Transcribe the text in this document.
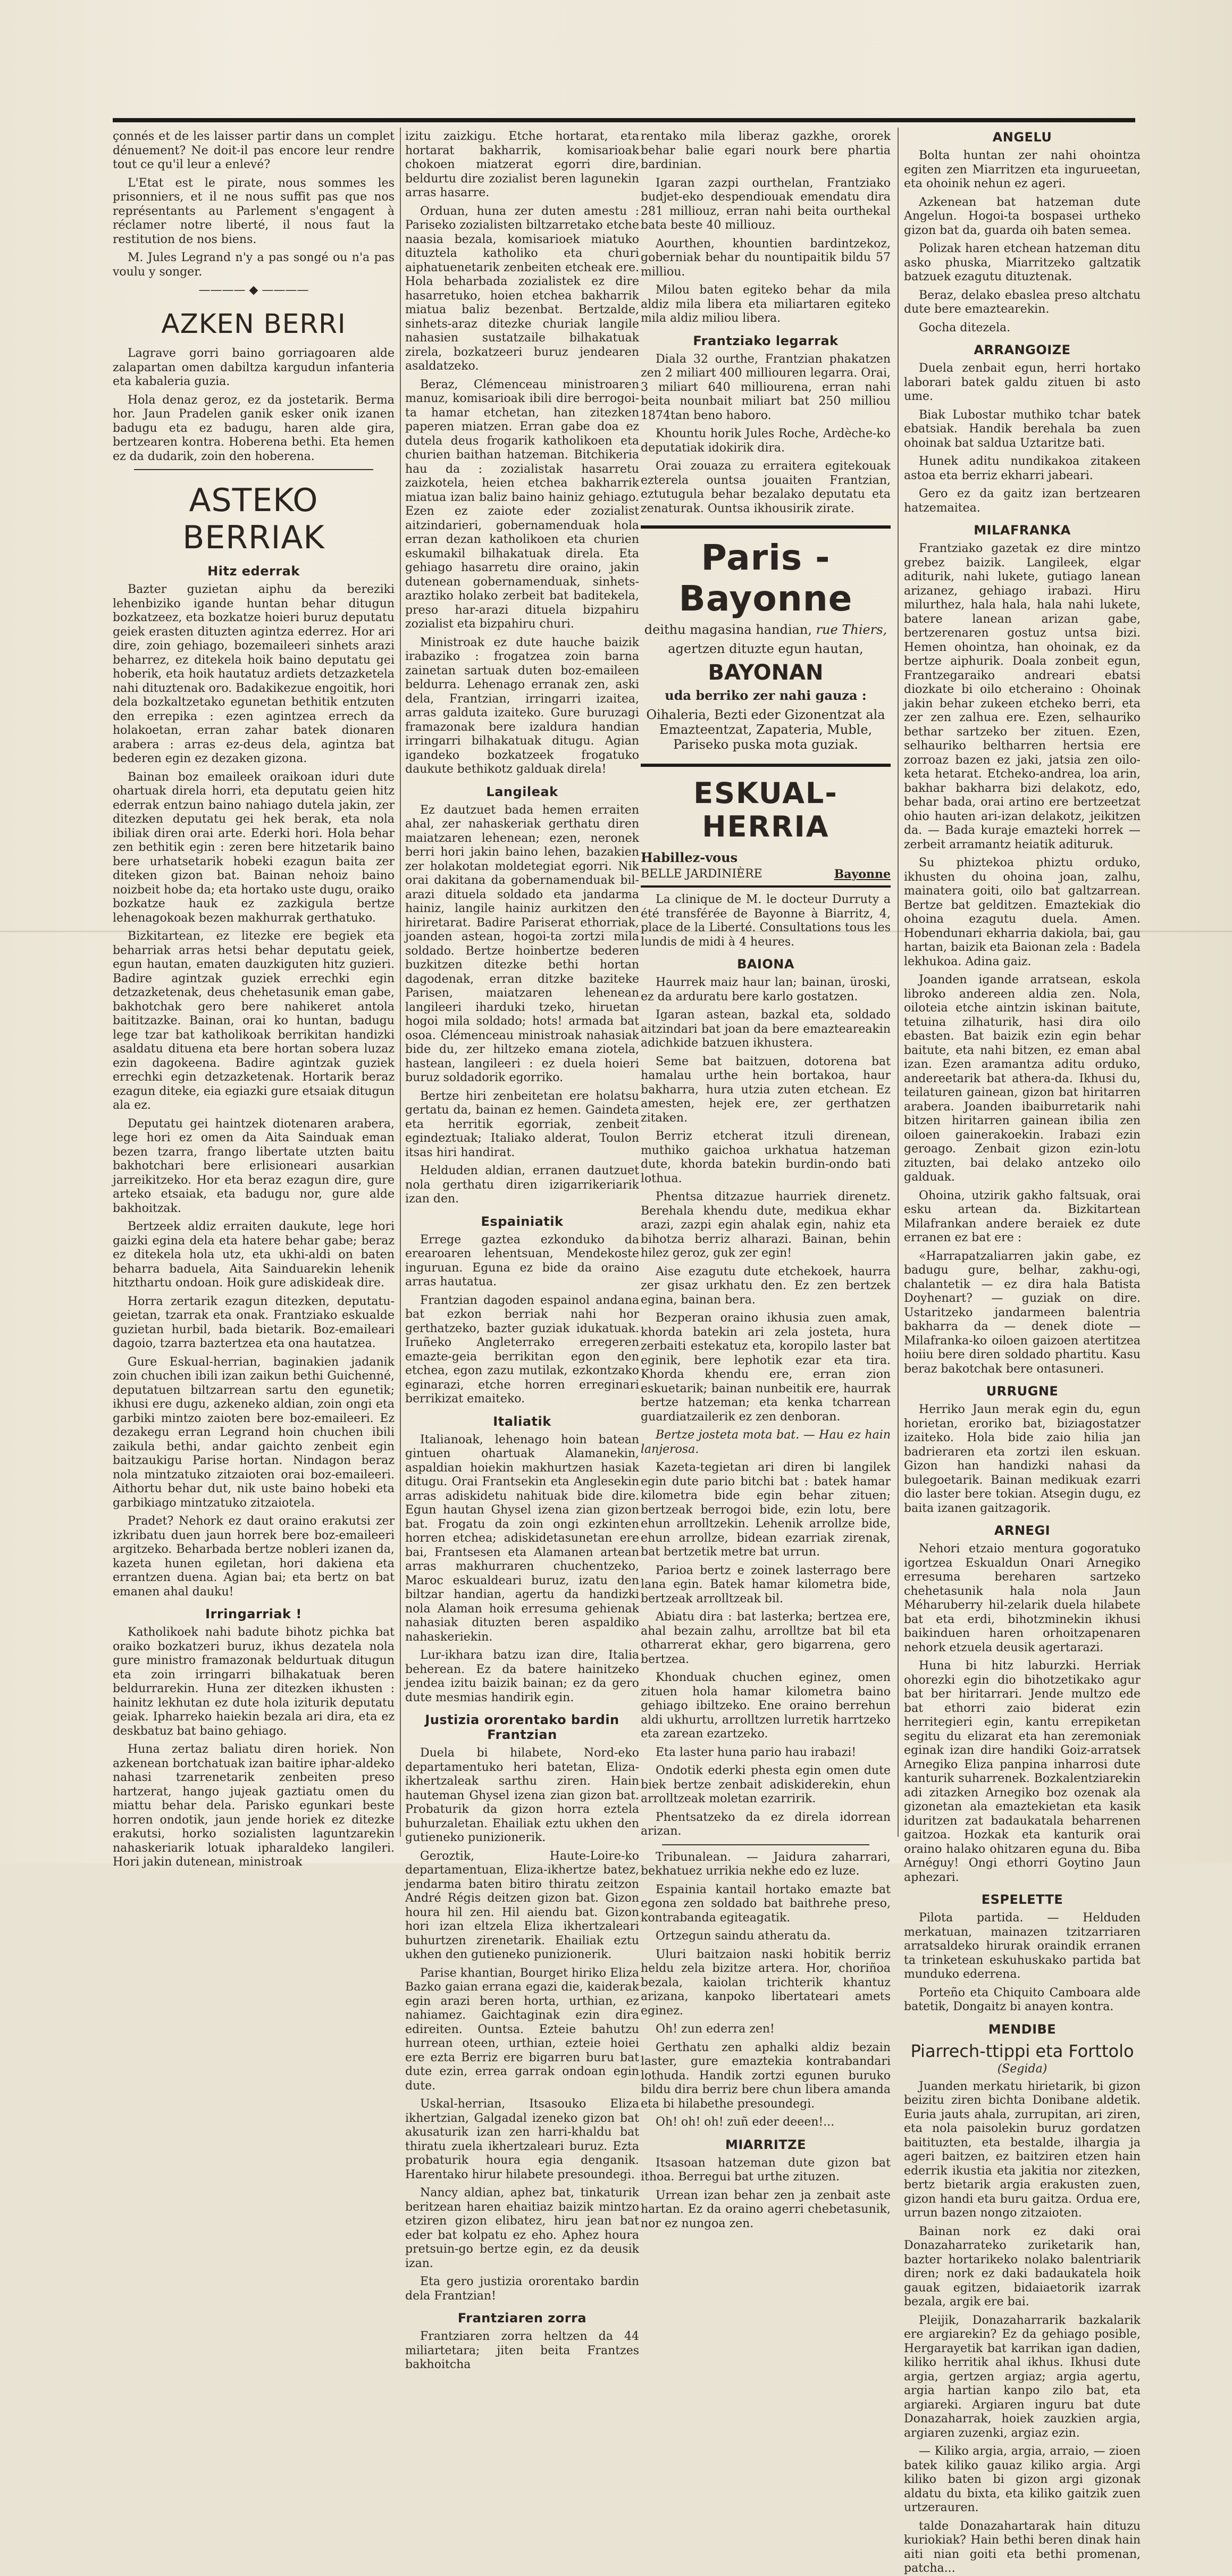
çonnés et de les laisser partir dans un complet dénuement? Ne doit-il pas encore leur rendre tout ce qu'il leur a enlevé?

L'Etat est le pirate, nous sommes les prisonniers, et il ne nous suffit pas que nos représentants au Parlement s'engagent à réclamer notre liberté, il nous faut la restitution de nos biens.

M. Jules Legrand n'y a pas songé ou n'a pas voulu y songer.

———— ◆ ————
AZKEN BERRI

Lagrave gorri baino gorriagoaren alde zalapartan omen dabiltza kargudun infanteria eta kabaleria guzia.

Hola denaz geroz, ez da jostetarik. Berma hor. Jaun Pradelen ganik esker onik izanen badugu eta ez badugu, haren alde gira, bertzearen kontra. Hoberena bethi. Eta hemen ez da dudarik, zoin den hoberena.

ASTEKO BERRIAK
Hitz ederrak

Bazter guzietan aiphu da bereziki lehenbiziko igande huntan behar ditugun bozkatzeez, eta bozkatze hoieri buruz deputatu geiek erasten dituzten agintza ederrez. Hor ari dire, zoin gehiago, bozemaileeri sinhets arazi beharrez, ez ditekela hoik baino deputatu gei hoberik, eta hoik hautatuz ardiets detzazketela nahi dituztenak oro. Badakikezue engoitik, hori dela bozkaltzetako egunetan bethitik entzuten den errepika : ezen agintzea errech da holakoetan, erran zahar batek dionaren arabera : arras ez-deus dela, agintza bat bederen egin ez dezaken gizona.

Bainan boz emaileek oraikoan iduri dute ohartuak direla horri, eta deputatu geien hitz ederrak entzun baino nahiago dutela jakin, zer ditezken deputatu gei hek berak, eta nola ibiliak diren orai arte. Ederki hori. Hola behar zen bethitik egin : zeren bere hitzetarik baino bere urhatsetarik hobeki ezagun baita zer diteken gizon bat. Bainan nehoiz baino noizbeit hobe da; eta hortako uste dugu, oraiko bozkatze hauk ez zazkigula bertze lehenagokoak bezen makhurrak gerthatuko.

Bizkitartean, ez litezke ere begiek eta beharriak arras hetsi behar deputatu geiek, egun hautan, ematen dauzkiguten hitz guzieri. Badire agintzak guziek errechki egin detzazketenak, deus chehetasunik eman gabe, bakhotchak gero bere nahikeret antola baititzazke. Bainan, orai ko huntan, badugu lege tzar bat katholikoak berrikitan handizki asaldatu dituena eta bere hortan sobera luzaz ezin dagokeena. Badire agintzak guziek errechki egin detzazketenak. Hortarik beraz ezagun diteke, eia egiazki gure etsaiak ditugun ala ez.

Deputatu gei haintzek diotenaren arabera, lege hori ez omen da Aita Sainduak eman bezen tzarra, frango libertate utzten baitu bakhotchari bere erlisioneari ausarkian jarreikitzeko. Hor eta beraz ezagun dire, gure arteko etsaiak, eta badugu nor, gure alde bakhoitzak.

Bertzeek aldiz erraiten daukute, lege hori gaizki egina dela eta hatere behar gabe; beraz ez ditekela hola utz, eta ukhi-aldi on baten beharra baduela, Aita Sainduarekin lehenik hitzthartu ondoan. Hoik gure adiskideak dire.

Horra zertarik ezagun ditezken, deputatu-geietan, tzarrak eta onak. Frantziako eskualde guzietan hurbil, bada bietarik. Boz-emaileari dagoio, tzarra baztertzea eta ona hautatzea.

Gure Eskual-herrian, baginakien jadanik zoin chuchen ibili izan zaikun bethi Guichenné, deputatuen biltzarrean sartu den egunetik; ikhusi ere dugu, azkeneko aldian, zoin ongi eta garbiki mintzo zaioten bere boz-emaileeri. Ez dezakegu erran Legrand hoin chuchen ibili zaikula bethi, andar gaichto zenbeit egin baitzaukigu Parise hortan. Nindagon beraz nola mintzatuko zitzaioten orai boz-emaileeri. Aithortu behar dut, nik uste baino hobeki eta garbikiago mintzatuko zitzaiotela.

Pradet? Nehork ez daut oraino erakutsi zer izkribatu duen jaun horrek bere boz-emaileeri argitzeko. Beharbada bertze nobleri izanen da, kazeta hunen egiletan, hori dakiena eta errantzen duena. Agian bai; eta bertz on bat emanen ahal dauku!

Irringarriak !

Katholikoek nahi badute bihotz pichka bat oraiko bozkatzeri buruz, ikhus dezatela nola gure ministro framazonak beldurtuak ditugun eta zoin irringarri bilhakatuak beren beldurrarekin. Huna zer ditezken ikhusten : hainitz lekhutan ez dute hola iziturik deputatu geiak. Ipharreko haiekin bezala ari dira, eta ez deskbatuz bat baino gehiago.

Huna zertaz baliatu diren horiek. Non azkenean bortchatuak izan baitire iphar-aldeko nahasi tzarrenetarik zenbeiten preso hartzerat, hango jujeak gaztiatu omen du miattu behar dela. Parisko egunkari beste horren ondotik, jaun jende horiek ez ditezke erakutsi, horko sozialisten laguntzarekin nahaskeriarik lotuak ipharaldeko langileri. Hori jakin dutenean, ministroak

izitu zaizkigu. Etche hortarat, eta hortarat bakharrik, komisarioak chokoen miatzerat egorri dire, beldurtu dire zozialist beren lagunekin arras hasarre.

Orduan, huna zer duten amestu : Pariseko zozialisten biltzarretako etche naasia bezala, komisarioek miatuko dituztela katholiko eta churi aiphatuenetarik zenbeiten etcheak ere. Hola beharbada zozialistek ez dire hasarretuko, hoien etchea bakharrik miatua baliz bezenbat. Bertzalde, sinhets-araz ditezke churiak langile nahasien sustatzaile bilhakatuak zirela, bozkatzeeri buruz jendearen asaldatzeko.

Beraz, Clémenceau ministroaren manuz, komisarioak ibili dire berrogoi-ta hamar etchetan, han zitezken paperen miatzen. Erran gabe doa ez dutela deus frogarik katholikoen eta churien baithan hatzeman. Bitchikeria hau da : zozialistak hasarretu zaizkotela, heien etchea bakharrik miatua izan baliz baino hainiz gehiago. Ezen ez zaiote eder zozialist aitzindarieri, gobernamenduak hola erran dezan katholikoen eta churien eskumakil bilhakatuak direla. Eta gehiago hasarretu dire oraino, jakin dutenean gobernamenduak, sinhets-araztiko holako zerbeit bat baditekela, preso har-arazi dituela bizpahiru zozialist eta bizpahiru churi.

Ministroak ez dute hauche baizik irabaziko : frogatzea zoin barna zainetan sartuak duten boz-emaileen beldurra. Lehenago erranak zen, aski dela, Frantzian, irringarri izaitea, arras galduta izaiteko. Gure buruzagi framazonak bere izaldura handian irringarri bilhakatuak ditugu. Agian igandeko bozkatzeek frogatuko daukute bethikotz galduak direla!

Langileak

Ez dautzuet bada hemen erraiten ahal, zer nahaskeriak gerthatu diren maiatzaren lehenean; ezen, neronek berri hori jakin baino lehen, bazakien zer holakotan moldetegiat egorri. Nik orai dakitana da gobernamenduak bil-arazi dituela soldado eta jandarma hainiz, langile hainiz aurkitzen den hiriretarat. Badire Pariserat ethorriak, joanden astean, hogoi-ta zortzi mila soldado. Bertze hoinbertze bederen buzkitzen ditezke bethi hortan dagodenak, erran ditzke baziteke Parisen, maiatzaren lehenean langileeri iharduki tzeko, hiruetan hogoi mila soldado; hots! armada bat osoa. Clémenceau ministroak nahasiak bide du, zer hiltzeko emana ziotela, hastean, langileeri : ez duela hoieri buruz soldadorik egorriko.

Bertze hiri zenbeitetan ere holatsu gertatu da, bainan ez hemen. Gaindeta eta herritik egorriak, zenbeit egindeztuak; Italiako alderat, Toulon itsas hiri handirat.

Helduden aldian, erranen dautzuet nola gerthatu diren izigarrikeriarik izan den.

Espainiatik

Errege gaztea ezkonduko da erearoaren lehentsuan, Mendekoste inguruan. Eguna ez bide da oraino arras hautatua.

Frantzian dagoden espainol andana bat ezkon berriak nahi hor gerthatzeko, bazter guziak idukatuak. Iruñeko Angleterrako erregeren emazte-geia berrikitan egon den etchea, egon zazu mutilak, ezkontzako eginarazi, etche horren erreginari berrikizat emaiteko.

Italiatik

Italianoak, lehenago hoin batean gintuen ohartuak Alamanekin, aspaldian hoiekin makhurtzen hasiak ditugu. Orai Frantsekin eta Anglesekin arras adiskidetu nahituak bide dire. Egun hautan Ghysel izena zian gizon bat. Frogatu da zoin ongi ezkinten horren etchea; adiskidetasunetan ere bai, Frantsesen eta Alamanen artean arras makhurraren chuchentzeko, Maroc eskualdeari buruz, izatu den biltzar handian, agertu da handizki nola Alaman hoik erresuma gehienak nahasiak dituzten beren aspaldiko nahaskeriekin.

Lur-ikhara batzu izan dire, Italia beherean. Ez da batere hainitzeko jendea izitu baizik bainan; ez da gero dute mesmias handirik egin.

Justizia ororentako bardin Frantzian

Duela bi hilabete, Nord-eko departamentuko heri batetan, Eliza-ikhertzaleak sarthu ziren. Hain hauteman Ghysel izena zian gizon bat. Probaturik da gizon horra eztela buhurzaletan. Ehailiak eztu ukhen den gutieneko punizionerik.

Geroztik, Haute-Loire-ko departamentuan, Eliza-ikhertze batez, jendarma baten bitiro thiratu zeitzon André Régis deitzen gizon bat. Gizon houra hil zen. Hil aiendu bat. Gizon hori izan eltzela Eliza ikhertzaleari buhurtzen zirenetarik. Ehailiak eztu ukhen den gutieneko punizionerik.

Parise khantian, Bourget hiriko Eliza Bazko gaian errana egazi die, kaiderak egin arazi beren horta, urthian, ez nahiamez. Gaichtaginak ezin dira edireiten. Ountsa. Ezteie bahutzu hurrean oteen, urthian, ezteie hoiei ere ezta Berriz ere bigarren buru bat dute ezin, errea garrak ondoan egin dute.

Uskal-herrian, Itsasouko Eliza ikhertzian, Galgadal izeneko gizon bat akusaturik izan zen harri-khaldu bat thiratu zuela ikhertzaleari buruz. Ezta probaturik houra egia denganik. Harentako hirur hilabete presoundegi.

Nancy aldian, aphez bat, tinkaturik beritzean haren ehaitiaz baizik mintzo etziren gizon elibatez, hiru jean bat eder bat kolpatu ez eho. Aphez houra pretsuin-go bertze egin, ez da deusik izan.

Eta gero justizia ororentako bardin dela Frantzian!

Frantziaren zorra

Frantziaren zorra heltzen da 44 miliartetara; jiten beita Frantzes bakhoitcha

rentako mila liberaz gazkhe, ororek behar balie egari nourk bere phartia bardinian.

Igaran zazpi ourthelan, Frantziako budjet-eko despendiouak emendatu dira 281 milliouz, erran nahi beita ourthekal bata beste 40 milliouz.

Aourthen, khountien bardintzekoz, goberniak behar du nountipaitik bildu 57 milliou.

Milou baten egiteko behar da mila aldiz mila libera eta miliartaren egiteko mila aldiz miliou libera.

Frantziako legarrak

Diala 32 ourthe, Frantzian phakatzen zen 2 miliart 400 milliouren legarra. Orai, 3 miliart 640 milliourena, erran nahi beita nounbait miliart bat 250 milliou 1874tan beno haboro.

Khountu horik Jules Roche, Ardèche-ko deputatiak idokirik dira.

Orai zouaza zu erraitera egitekouak ezterela ountsa jouaiten Frantzian, eztutugula behar bezalako deputatu eta zenaturak. Ountsa ikhousirik zirate.

Paris - Bayonne

deithu magasina handian, rue Thiers,

agertzen dituzte egun hautan,

BAYONAN

uda berriko zer nahi gauza :

Oihaleria, Bezti eder Gizonentzat ala Emazteentzat, Zapateria, Muble, Pariseko puska mota guziak.

ESKUAL-HERRIA
Habillez-vous
BELLE JARDINIÈRE	Bayonne

La clinique de M. le docteur Durruty a été transférée de Bayonne à Biarritz, 4, place de la Liberté. Consultations tous les lundis de midi à 4 heures.

BAIONA

Haurrek maiz haur lan; bainan, üroski, ez da arduratu bere karlo gostatzen.

Igaran astean, bazkal eta, soldado aitzindari bat joan da bere emazteareakin adichkide batzuen ikhustera.

Seme bat baitzuen, dotorena bat hamalau urthe hein bortakoa, haur bakharra, hura utzia zuten etchean. Ez amesten, hejek ere, zer gerthatzen zitaken.

Berriz etcherat itzuli direnean, muthiko gaichoa urkhatua hatzeman dute, khorda batekin burdin-ondo bati lothua.

Phentsa ditzazue haurriek direnetz. Berehala khendu dute, medikua ekhar arazi, zazpi egin ahalak egin, nahiz eta bihotza berriz alharazi. Bainan, behin hilez geroz, guk zer egin!

Aise ezagutu dute etchekoek, haurra zer gisaz urkhatu den. Ez zen bertzek egina, bainan bera.

Bezperan oraino ikhusia zuen amak, khorda batekin ari zela josteta, hura zerbaiti estekatuz eta, koropilo laster bat eginik, bere lephotik ezar eta tira. Khorda khendu ere, erran zion eskuetarik; bainan nunbeitik ere, haurrak bertze hatzeman; eta kenka tcharrean guardiatzailerik ez zen denboran.

Bertze josteta mota bat. — Hau ez hain lanjerosa.

Kazeta-tegietan ari diren bi langilek egin dute pario bitchi bat : batek hamar kilometra bide egin behar zituen; bertzeak berrogoi bide, ezin lotu, bere ehun arrolltzekin. Lehenik arrollze bide, ehun arrollze, bidean ezarriak zirenak, bat bertzetik metre bat urrun.

Parioa bertz e zoinek lasterrago bere lana egin. Batek hamar kilometra bide, bertzeak arrolltzeak bil.

Abiatu dira : bat lasterka; bertzea ere, ahal bezain zalhu, arrolltze bat bil eta otharrerat ekhar, gero bigarrena, gero bertzea.

Khonduak chuchen eginez, omen zituen hola hamar kilometra baino gehiago ibiltzeko. Ene oraino berrehun aldi ukhurtu, arrolltzen lurretik harrtzeko eta zarean ezartzeko.

Eta laster huna pario hau irabazi!

Ondotik ederki phesta egin omen dute biek bertze zenbait adiskiderekin, ehun arrolltzeak moletan ezarririk.

Phentsatzeko da ez direla idorrean arizan.

Tribunalean. — Jaidura zaharrari, bekhatuez urrikia nekhe edo ez luze.

Espainia kantail hortako emazte bat egona zen soldado bat baithrehe preso, kontrabanda egiteagatik.

Ortzegun saindu atheratu da.

Uluri baitzaion naski hobitik berriz heldu zela bizitze artera. Hor, choriñoa bezala, kaiolan trichterik khantuz arizana, kanpoko libertateari amets eginez.

Oh! zun ederra zen!

Gerthatu zen aphalki aldiz bezain laster, gure emaztekia kontrabandari lothuda. Handik zortzi egunen buruko bildu dira berriz bere chun libera amanda eta bi hilabethe presoundegi.

Oh! oh! oh! zuñ eder deeen!...

MIARRITZE

Itsasoan hatzeman dute gizon bat ithoa. Berregui bat urthe zituzen.

Urrean izan behar zen ja zenbait aste hartan. Ez da oraino agerri chebetasunik, nor ez nungoa zen.

ANGELU

Bolta huntan zer nahi ohointza egiten zen Miarritzen eta ingurueetan, eta ohoinik nehun ez ageri.

Azkenean bat hatzeman dute Angelun. Hogoi-ta bospasei urtheko gizon bat da, guarda oih baten semea.

Polizak haren etchean hatzeman ditu asko phuska, Miarritzeko galtzatik batzuek ezagutu dituztenak.

Beraz, delako ebaslea preso altchatu dute bere emaztearekin.

Gocha ditezela.

ARRANGOIZE

Duela zenbait egun, herri hortako laborari batek galdu zituen bi asto ume.

Biak Lubostar muthiko tchar batek ebatsiak. Handik berehala ba zuen ohoinak bat saldua Uztaritze bati.

Hunek aditu nundikakoa zitakeen astoa eta berriz ekharri jabeari.

Gero ez da gaitz izan bertzearen hatzemaitea.

MILAFRANKA

Frantziako gazetak ez dire mintzo grebez baizik. Langileek, elgar aditurik, nahi lukete, gutiago lanean arizanez, gehiago irabazi. Hiru milurthez, hala hala, hala nahi lukete, batere lanean arizan gabe, bertzerenaren gostuz untsa bizi. Hemen ohointza, han ohoinak, ez da bertze aiphurik. Doala zonbeit egun, Frantzegaraiko andreari ebatsi diozkate bi oilo etcheraino : Ohoinak jakin behar zukeen etcheko berri, eta zer zen zalhua ere. Ezen, selhauriko bethar sartzeko ber zituen. Ezen, selhauriko beltharren hertsia ere zorroaz bazen ez jaki, jatsia zen oilo-keta hetarat. Etcheko-andrea, loa arin, bakhar bakharra bizi delakotz, edo, behar bada, orai artino ere bertzeetzat ohio hauten ari-izan delakotz, jeikitzen da. — Bada kuraje emazteki horrek — zerbeit arramantz heiatik adituruk.

Su phiztekoa phiztu orduko, ikhusten du ohoina joan, zalhu, mainatera goiti, oilo bat galtzarrean. Bertze bat gelditzen. Emaztekiak dio ohoina ezagutu duela. Amen. Hobendunari ekharria dakiola, bai, gau hartan, baizik eta Baionan zela : Badela lekhukoa. Adina gaiz.

Joanden igande arratsean, eskola libroko andereen aldia zen. Nola, oiloteia etche aintzin iskinan baitute, tetuina zilhaturik, hasi dira oilo ebasten. Bat baizik ezin egin behar baitute, eta nahi bitzen, ez eman abal izan. Ezen aramantza aditu orduko, andereetarik bat athera-da. Ikhusi du, teilaturen gainean, gizon bat hiritarren arabera. Joanden ibaiburretarik nahi bitzen hiritarren gainean ibilia zen oiloen gainerakoekin. Irabazi ezin geroago. Zenbait gizon ezin-lotu zituzten, bai delako antzeko oilo galduak.

Ohoina, utzirik gakho faltsuak, orai esku artean da. Bizkitartean Milafrankan andere beraiek ez dute erranen ez bat ere :

«Harrapatzaliarren jakin gabe, ez badugu gure, belhar, zakhu-ogi, chalantetik — ez dira hala Batista Doyhenart? — guziak on dire. Ustaritzeko jandarmeen balentria bakharra da — denek diote — Milafranka-ko oiloen gaizoen atertitzea hoiiu bere diren soldado phartitu. Kasu beraz bakotchak bere ontasuneri.

URRUGNE

Herriko Jaun merak egin du, egun horietan, eroriko bat, biziagostatzer izaiteko. Hola bide zaio hilia jan badrieraren eta zortzi ilen eskuan. Gizon han handizki nahasi da bulegoetarik. Bainan medikuak ezarri dio laster bere tokian. Atsegin dugu, ez baita izanen gaitzagorik.

ARNEGI

Nehori etzaio mentura gogoratuko igortzea Eskualdun Onari Arnegiko erresuma bereharen sartzeko chehetasunik hala nola Jaun Méharuberry hil-zelarik duela hilabete bat eta erdi, bihotzminekin ikhusi baikinduen haren orhoitzapenaren nehork etzuela deusik agertarazi.

Huna bi hitz laburzki. Herriak ohorezki egin dio bihotzetikako agur bat ber hiritarrari. Jende multzo ede bat ethorri zaio biderat ezin herritegieri egin, kantu errepiketan segitu du elizarat eta han zeremoniak eginak izan dire handiki Goiz-arratsek Arnegiko Eliza panpina inharrosi dute kanturik suharrenek. Bozkalentziarekin adi zitazken Arnegiko boz ozenak ala gizonetan ala emaztekietan eta kasik iduritzen zat badaukatala beharrenen gaitzoa. Hozkak eta kanturik orai oraino halako ohitzaren eguna du. Biba Arnéguy! Ongi ethorri Goytino Jaun aphezari.

ESPELETTE

Pilota partida. — Helduden merkatuan, mainazen tzitzarriaren arratsaldeko hirurak oraindik erranen ta trinketean eskuhuskako partida bat munduko ederrena.

Porteño eta Chiquito Camboara alde batetik, Dongaitz bi anayen kontra.

MENDIBE
Piarrech-ttippi eta Forttolo
(Segida)

Juanden merkatu hirietarik, bi gizon beizitu ziren bichta Donibane aldetik. Euria jauts ahala, zurrupitan, ari ziren, eta nola paisolekin buruz gordatzen baitituzten, eta bestalde, ilhargia ja ageri baitzen, ez baitziren etzen hain ederrik ikustia eta jakitia nor zitezken, bertz bietarik argia erakusten zuen, gizon handi eta buru gaitza. Ordua ere, urrun bazen nongo zitzaioten.

Bainan nork ez daki orai Donazaharrateko zuriketarik han, bazter hortarikeko nolako balentriarik diren; nork ez daki badaukatela hoik gauak egitzen, bidaiaetorik izarrak bezala, argik ere bai.

Pleijik, Donazaharrarik bazkalarik ere argiarekin? Ez da gehiago posible, Hergarayetik bat karrikan igan dadien, kiliko herritik ahal ikhus. Ikhusi dute argia, gertzen argiaz; argia agertu, argia hartian kanpo zilo bat, eta argiareki. Argiaren inguru bat dute Donazaharrak, hoiek zauzkien argia, argiaren zuzenki, argiaz ezin.

— Kiliko argia, argia, arraio, — zioen batek kiliko gauaz kiliko argia. Argi kiliko baten bi gizon argi gizonak aldatu du bixta, eta kiliko gaitzik zuen urtzerauren.

talde Donazahartarak hain dituzu kuriokiak? Hain bethi beren dinak hain aiti nian goiti eta bethi promenan, patcha...
